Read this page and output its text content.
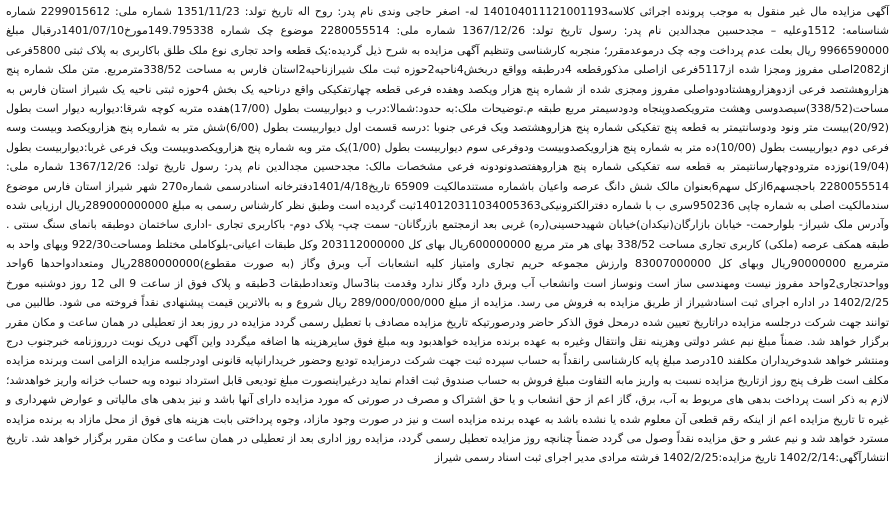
آگهی مزایده مال غیر منقول به موجب پرونده اجرائی کلاسه140104011121001193 له- اصغر حاجی وندی نام پدر: روح اله تاریخ تولد: 1351/11/23 شماره ملی: 2299015612 شماره شناسنامه: 1512وعلیه – مجدحسین مجدالدین نام پدر: رسول تاریخ تولد: 1367/12/26 شماره ملی: 2280055514 موضوع چک شماره 149.795338مورخ1401/07/10درقبال مبلغ 9966590000 ریال بعلت عدم پرداخت وجه چک درموعدمقرر؛ منجربه کارشناسی وتنظیم آگهی مزایده به شرح ذیل گردیده:یک قطعه واحد تجاری نوع ملک طلق باکاربری به پلاک ثبتی 5800فرعی از2082اصلی مفروز ومجزا شده از5117فرعی ازاصلی مذکورقطعه 4درطبقه وواقع دربخش4ناحیه2حوزه ثبت ملک شیرازناحیه2استان فارس به مساحت 338/52مترمربع. متن ملک شماره پنج هزاروهشتصد فرعی ازدوهزاروهشتادودواصلی مفروز ومجزی شده از شماره پنج هزار ویکصد وهفده فرعی قطعه چهارتفکیکی واقع درناحیه یک بخش 4حوزه ثبتی ناحیه یک شیراز استان فارس به مساحت(338/52)سیصدوسی وهشت مترویکصدوپنجاه ودودسیمتر مربع طبقه م.توضیحات ملک:به حدود:شمالا:درب و دیواربیست بطول (17/00)هفده متربه کوچه شرقا:دیواربه دیوار است بطول (20/92)بیست متر ونود ودوسانتیمتر به قطعه پنج تفکیکی شماره پنج هزاروهشتصد ویک فرعی جنوبا :درسه قسمت اول دیواربیست بطول (6/00)شش متر به شماره پنج هزارویکصد وبیست وسه فرعی دوم دیواربیست بطول (10/00)ده متر به شماره پنج هزارویکصدوبیست ودوفرعی سوم دیواربیست بطول (1/00)یک متر وبه شماره پنج هزارویکصدوبیست ویک فرعی غربا:دیواربیست بطول (19/04)نوزده مترودوچهارسانتیمتر به قطعه سه تفکیکی شماره پنج هزاروهفتصدونودونه فرعی مشخصات مالک: مجدحسین مجدالدین نام پدر: رسول تاریخ تولد: 1367/12/26 شماره ملی: 2280055514 باحجسهم6ازکل سهم6بعنوان مالک شش دانگ عرصه واعیان باشماره مستندمالکیت 65909 تاریخ1401/4/18دفترخانه اسنادرسمی شماره270 شهر شیراز استان فارس موضوع سندمالکیت اصلی به شماره چاپی 950236سری ب با شماره دفترالکترونیکی140120311034005363ثبت گردیده است وطبق نظر کارشناس رسمی به مبلغ 289000000000ریال ارزیابی شده وآدرس ملک شیراز- بلوارحمت- خیابان بازارگان(نیکدان)خیابان شهیدحسینی(ره) غربی بعد ازمجتمع بازرگانان- سمت چپ- پلاک دوم- باکاربری تجاری -اداری ساختمان دوطبقه بانمای سنگ سنتی . طبقه همکف عرصه (ملکی) کاربری تجاری مساحت 338/52 بهای هر متر مربع 600000000ریال بهای کل 203112000000 وکل طبقات اعیانی-بلوکاملی مختلط ومساحت922/30 وبهای واحد به مترمربع 90000000ریال وبهای کل 83007000000 وارزش مجموعه حریم تجاری وامتیاز کلیه انشعابات آب وبرق وگاز (به صورت مقطوع)2880000000ریال ومتعدادواحدها 6واحد وواحدتجاری2واحد مفروز نیست ومهندسی ساز است ونوساز است وانشعاب آب وبرق دارد وگاز ندارد وقدمت بنا3سال وتعدادطبقات 3طبقه و پلاک فوق از ساعت 9 الی 12 روز دوشنبه مورخ 1402/2/25 در اداره اجرای ثبت اسنادشیراز از طریق مزایده به فروش می رسد. مزایده از مبلغ 289/000/000/000 ریال شروع و به بالاترین قیمت پیشنهادی نقداً فروخته می شود. طالبین می توانند جهت شرکت درجلسه مزایده دراتاریخ تعیین شده درمحل فوق الذکر حاضر ودرصورتیکه تاریخ مزایده مصادف با تعطیل رسمی گردد مزایده در روز بعد از تعطیلی در همان ساعت و مکان مقرر برگزار خواهد شد. ضمناً مبلغ نیم عشر دولتی وهزینه نقل وانتقال وغیره به عهده برنده مزایده خواهدبود وبه مبلغ فوق سایرهزینه ها اضافه میگردد واین آگهی دریک نوبت درروزنامه خبرجنوب درج ومنتشر خواهد شدوخریداران مکلفند 10درصد مبلغ پایه کارشناسی رانقداً به حساب سپرده ثبت جهت شرکت درمزایده تودیع وحضور خریدارانپایه قانونی اودرجلسه مزایده الزامی است وبرنده مزایده مکلف است ظرف پنج روز ازتاریخ مزایده نسبت به واریز مابه التفاوت مبلغ فروش به حساب صندوق ثبت اقدام نماید درغیراینصورت مبلغ تودیعی قابل استرداد نبوده وبه حساب خزانه واریز خواهدشد؛ لازم به ذکر است پرداخت بدهی های مربوط به آب، برق، گاز اعم از حق انشعاب و یا حق اشتراک و مصرف در صورتی که مورد مزایده دارای آنها باشد و نیز بدهی های مالیاتی و عوارض شهرداری و غیره تا تاریخ مزایده اعم از اینکه رقم قطعی آن معلوم شده یا نشده باشد به عهده برنده مزایده است و نیز در صورت وجود مازاد، وجوه پرداختی بابت هزینه های فوق از محل مازاد به برنده مزایده مسترد خواهد شد و نیم عشر و حق مزایده نقداً وصول می گردد ضمناً چنانچه روز مزایده تعطیل رسمی گردد، مزایده روز اداری بعد از تعطیلی در همان ساعت و مکان مقرر برگزار خواهد شد. تاریخ انتشارآگهی:1402/2/14 تاریخ مزایده:1402/2/25 فرشته مرادی مدیر اجرای ثبت اسناد رسمی شیراز
